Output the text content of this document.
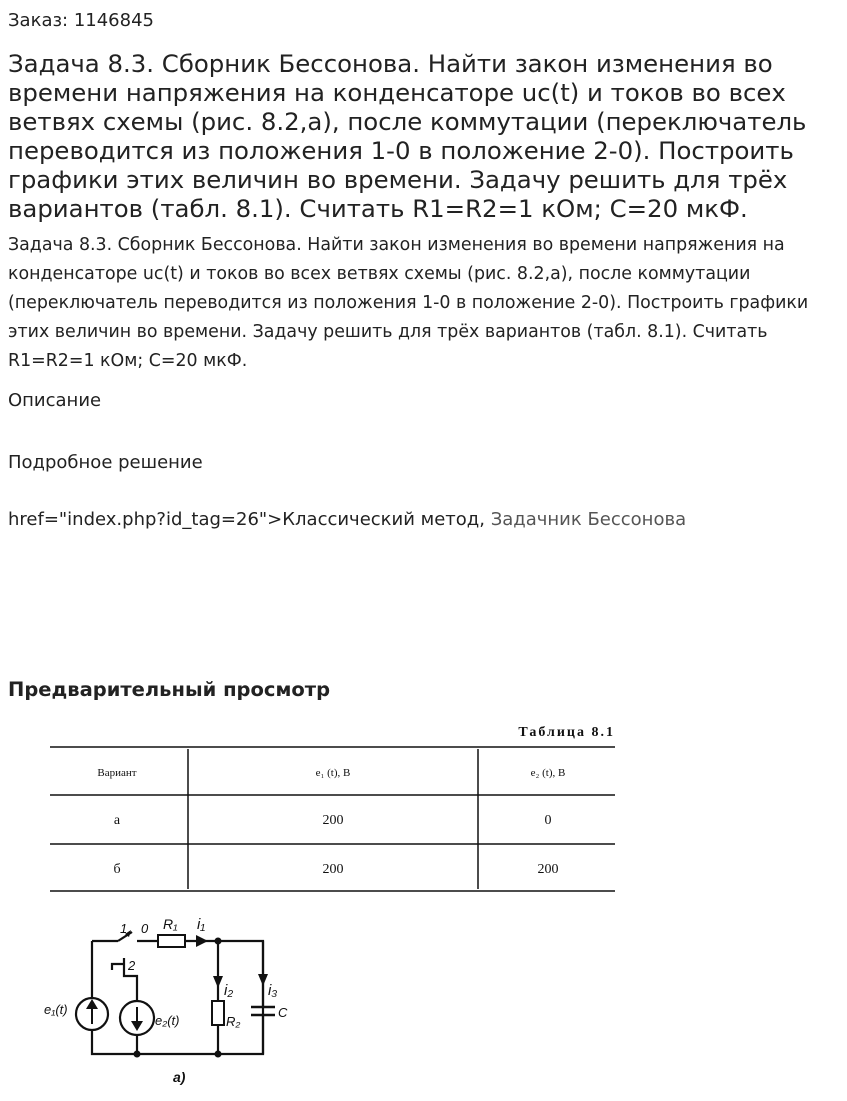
Заказ: 1146845
Задача 8.3. Сборник Бессонова. Найти закон изменения во времени напряжения на конденсаторе uc(t) и токов во всех ветвях схемы (рис. 8.2,а), после коммутации (переключатель переводится из положения 1-0 в положение 2-0). Построить графики этих величин во времени. Задачу решить для трёх вариантов (табл. 8.1). Считать R1=R2=1 кОм; C=20 мкФ.

Задача 8.3. Сборник Бессонова. Найти закон изменения во времени напряжения на конденсаторе uc(t) и токов во всех ветвях схемы (рис. 8.2,а), после коммутации (переключатель переводится из положения 1-0 в положение 2-0). Построить графики этих величин во времени. Задачу решить для трёх вариантов (табл. 8.1). Считать R1=R2=1 кОм; C=20 мкФ.

Описание
Подробное решение
href="index.php?id_tag=26">Классический метод, Задачник Бессонова
Предварительный просмотр
Таблица 8.1
Вариант	e₁ (t), В	e₂ (t), В
а	200	0
б	200	200
1 0
2
R₁
R₂
C
i₁
i₂ i₃
e₁(t)
e₂(t)
а)
